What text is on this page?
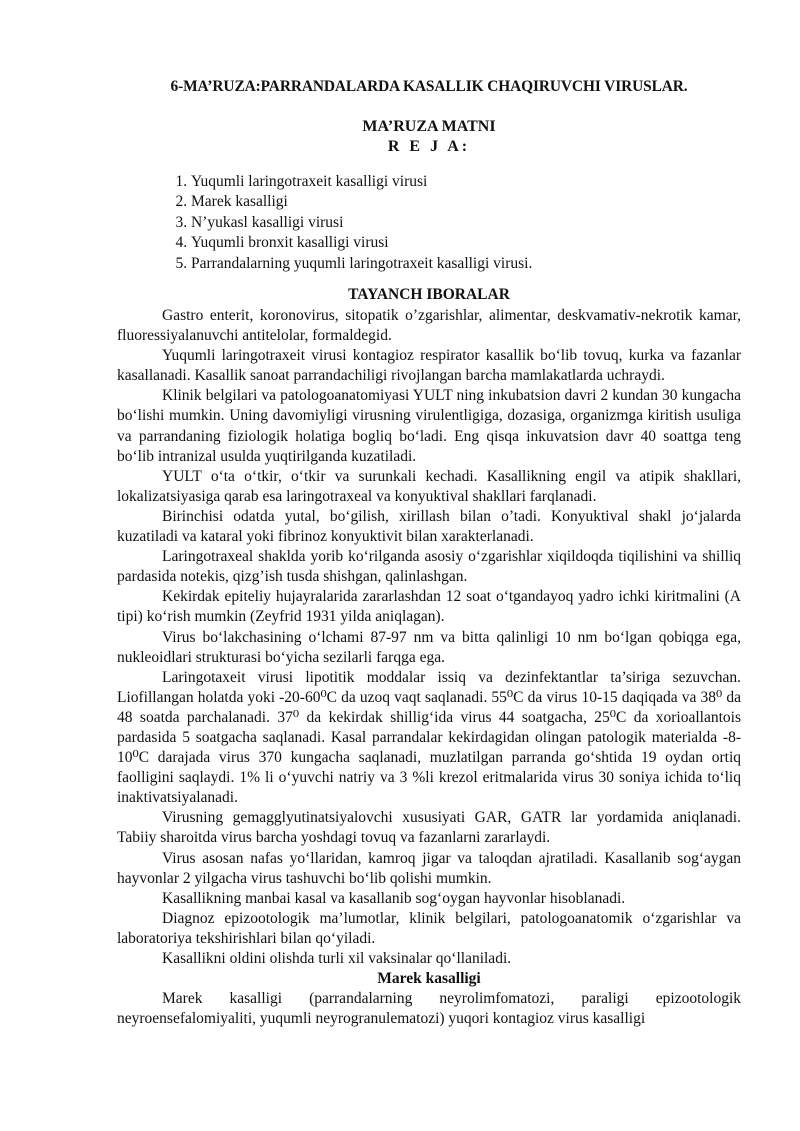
6-MA’RUZA:PARRANDALARDA KASALLIK CHAQIRUVCHI VIRUSLAR.
MA’RUZA MATNI
R E J A:
1. Yuqumli laringotraxeit kasalligi virusi
2. Marek kasalligi
3. N’yukasl kasalligi virusi
4. Yuqumli bronxit kasalligi virusi
5. Parrandalarning yuqumli laringotraxeit kasalligi virusi.
TAYANCH IBORALAR

Gastro enterit, koronovirus, sitopatik o’zgarishlar, alimentar, deskvamativ-nekrotik kamar, fluoressiyalanuvchi antitelolar, formaldegid.

Yuqumli laringotraxeit virusi kontagioz respirator kasallik bo‘lib tovuq, kurka va fazanlar kasallanadi. Kasallik sanoat parrandachiligi rivojlangan barcha mamlakatlarda uchraydi.

Klinik belgilari va patologoanatomiyasi YULT ning inkubatsion davri 2 kundan 30 kungacha bo‘lishi mumkin. Uning davomiyligi virusning virulentligiga, dozasiga, organizmga kiritish usuliga va parrandaning fiziologik holatiga bogliq bo‘ladi. Eng qisqa inkuvatsion davr 40 soattga teng bo‘lib intranizal usulda yuqtirilganda kuzatiladi.

YULT o‘ta o‘tkir, o‘tkir va surunkali kechadi. Kasallikning engil va atipik shakllari, lokalizatsiyasiga qarab esa laringotraxeal va konyuktival shakllari farqlanadi.

Birinchisi odatda yutal, bo‘gilish, xirillash bilan o’tadi. Konyuktival shakl jo‘jalarda kuzatiladi va kataral yoki fibrinoz konyuktivit bilan xarakterlanadi.

Laringotraxeal shaklda yorib ko‘rilganda asosiy o‘zgarishlar xiqildoqda tiqilishini va shilliq pardasida notekis, qizg’ish tusda shishgan, qalinlashgan.

Kekirdak epiteliy hujayralarida zararlashdan 12 soat o‘tgandayoq yadro ichki kiritmalini (A tipi) ko‘rish mumkin (Zeyfrid 1931 yilda aniqlagan).

Virus bo‘lakchasining o‘lchami 87-97 nm va bitta qalinligi 10 nm bo‘lgan qobiqga ega, nukleoidlari strukturasi bo‘yicha sezilarli farqga ega.

Laringotaxeit virusi lipotitik moddalar issiq va dezinfektantlar ta’siriga sezuvchan. Liofillangan holatda yoki -20-60⁰C da uzoq vaqt saqlanadi. 55⁰C da virus 10-15 daqiqada va 38⁰ da 48 soatda parchalanadi. 37⁰ da kekirdak shillig‘ida virus 44 soatgacha, 25⁰C da xorioallantois pardasida 5 soatgacha saqlanadi. Kasal parrandalar kekirdagidan olingan patologik materialda -8-10⁰C darajada virus 370 kungacha saqlanadi, muzlatilgan parranda go‘shtida 19 oydan ortiq faolligini saqlaydi. 1% li o‘yuvchi natriy va 3 %li krezol eritmalarida virus 30 soniya ichida to‘liq inaktivatsiyalanadi.

Virusning gemagglyutinatsiyalovchi xususiyati GAR, GATR lar yordamida aniqlanadi. Tabiiy sharoitda virus barcha yoshdagi tovuq va fazanlarni zararlaydi.

Virus asosan nafas yo‘llaridan, kamroq jigar va taloqdan ajratiladi. Kasallanib sog‘aygan hayvonlar 2 yilgacha virus tashuvchi bo‘lib qolishi mumkin.

Kasallikning manbai kasal va kasallanib sog‘oygan hayvonlar hisoblanadi.

Diagnoz epizootologik ma’lumotlar, klinik belgilari, patologoanatomik o‘zgarishlar va laboratoriya tekshirishlari bilan qo‘yiladi.

Kasallikni oldini olishda turli xil vaksinalar qo‘llaniladi.

Marek kasalligi

Marek kasalligi (parrandalarning neyrolimfomatozi, paraligi epizootologik neyroensefalomiyaliti, yuqumli neyrogranulematozi) yuqori kontagioz virus kasalligi
